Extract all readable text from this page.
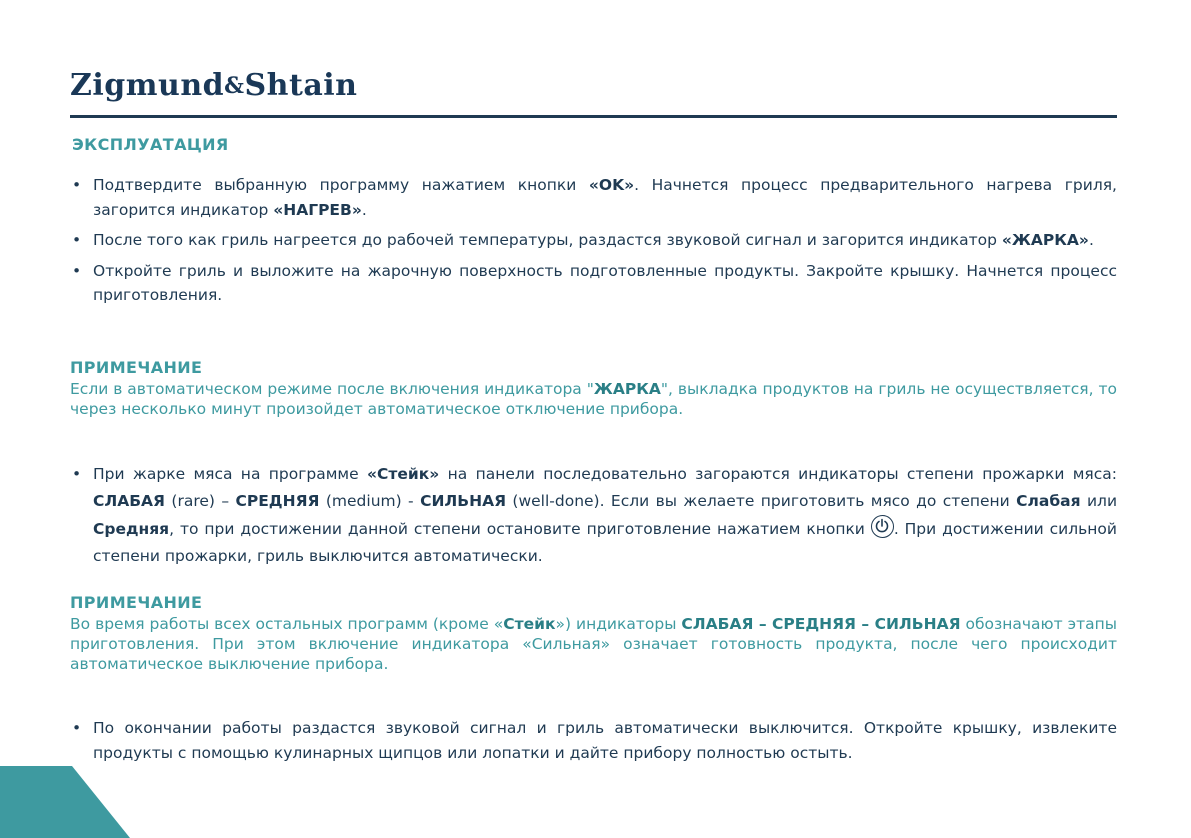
Zigmund&Shtain
ЭКСПЛУАТАЦИЯ
• Подтвердите выбранную программу нажатием кнопки «OK». Начнется процесс предварительного нагрева гриля, загорится индикатор «НАГРЕВ».
• После того как гриль нагреется до рабочей температуры, раздастся звуковой сигнал и загорится индикатор «ЖАРКА».
• Откройте гриль и выложите на жарочную поверхность подготовленные продукты. Закройте крышку. Начнется процесс приготовления.
ПРИМЕЧАНИЕ
Если в автоматическом режиме после включения индикатора "ЖАРКА", выкладка продуктов на гриль не осуществляется, то через несколько минут произойдет автоматическое отключение прибора.
• При жарке мяса на программе «Стейк» на панели последовательно загораются индикаторы степени прожарки мяса: СЛАБАЯ (rare) – СРЕДНЯЯ (medium) - СИЛЬНАЯ (well-done). Если вы желаете приготовить мясо до степени Слабая или Средняя, то при достижении данной степени остановите приготовление нажатием кнопки
. При достижении сильной степени прожарки, гриль выключится автоматически.
ПРИМЕЧАНИЕ
Во время работы всех остальных программ (кроме «Стейк») индикаторы СЛАБАЯ – СРЕДНЯЯ – СИЛЬНАЯ обозначают этапы приготовления. При этом включение индикатора «Сильная» означает готовность продукта, после чего происходит автоматическое выключение прибора.
• По окончании работы раздастся звуковой сигнал и гриль автоматически выключится. Откройте крышку, извлеките продукты с помощью кулинарных щипцов или лопатки и дайте прибору полностью остыть.
